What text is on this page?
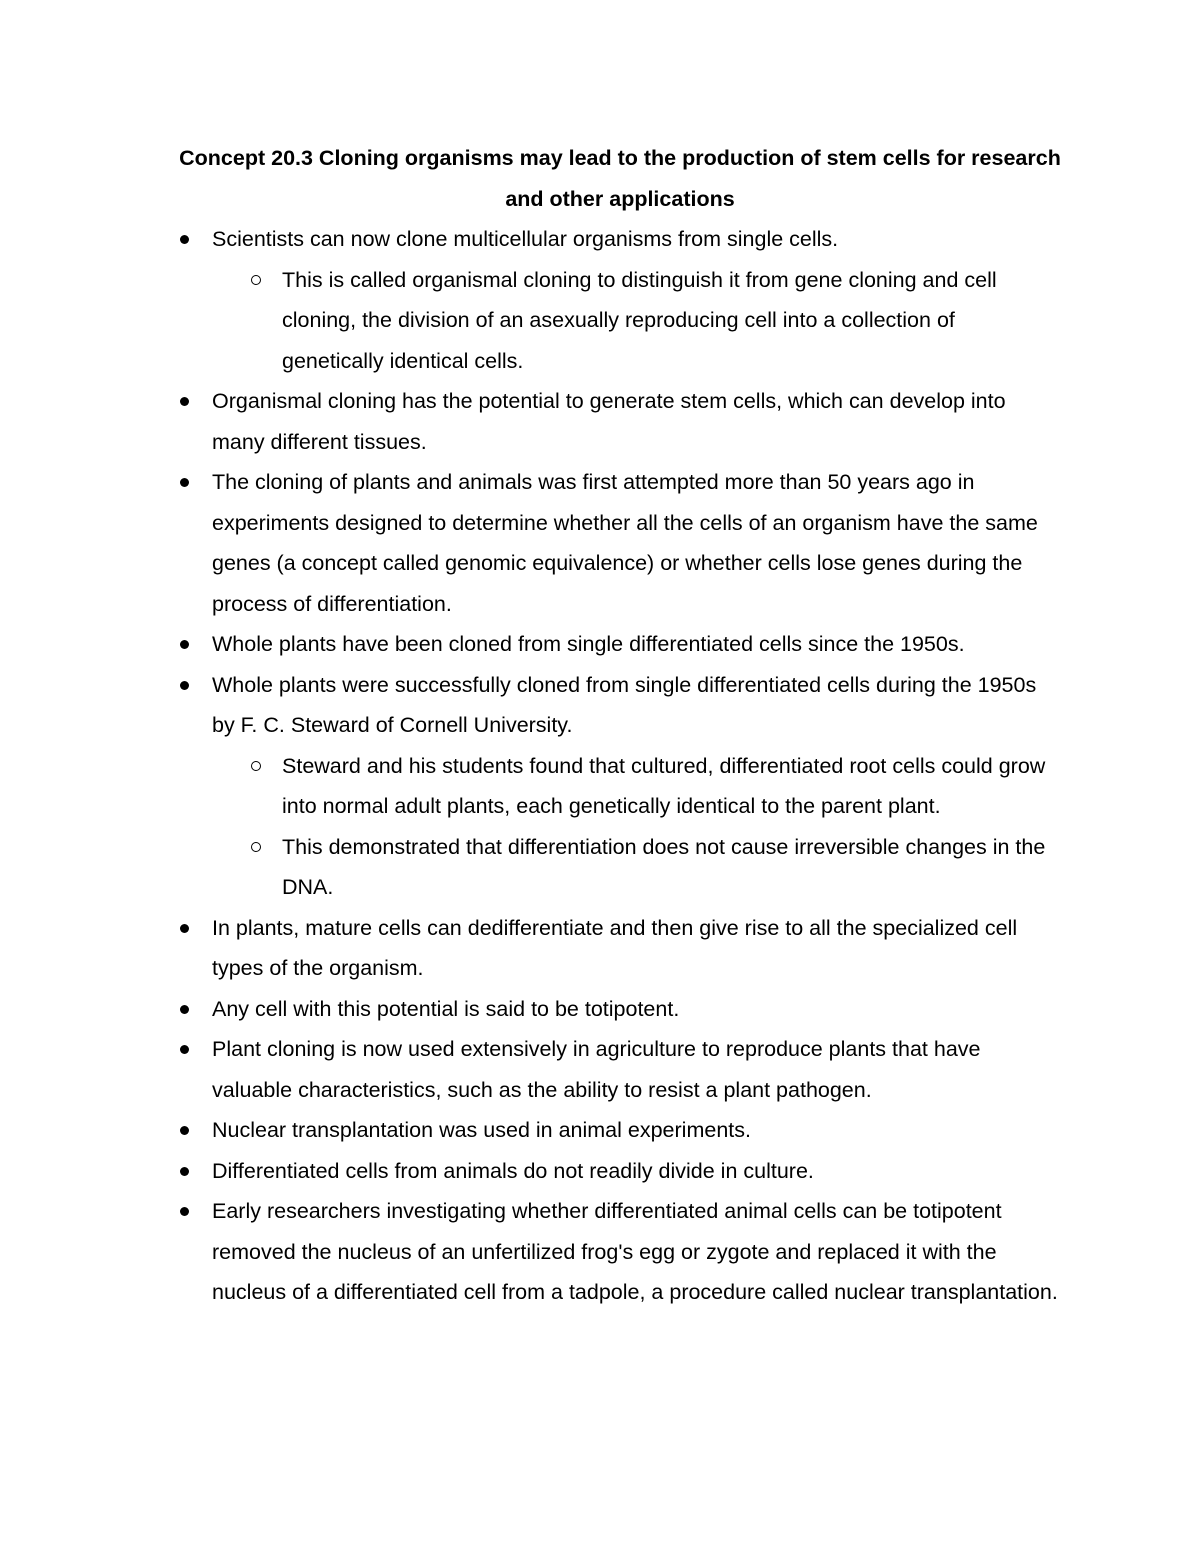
Concept 20.3 Cloning organisms may lead to the production of stem cells for research and other applications
Scientists can now clone multicellular organisms from single cells.
This is called organismal cloning to distinguish it from gene cloning and cell cloning, the division of an asexually reproducing cell into a collection of genetically identical cells.
Organismal cloning has the potential to generate stem cells, which can develop into many different tissues.
The cloning of plants and animals was first attempted more than 50 years ago in experiments designed to determine whether all the cells of an organism have the same genes (a concept called genomic equivalence) or whether cells lose genes during the process of differentiation.
Whole plants have been cloned from single differentiated cells since the 1950s.
Whole plants were successfully cloned from single differentiated cells during the 1950s by F. C. Steward of Cornell University.
Steward and his students found that cultured, differentiated root cells could grow into normal adult plants, each genetically identical to the parent plant.
This demonstrated that differentiation does not cause irreversible changes in the DNA.
In plants, mature cells can dedifferentiate and then give rise to all the specialized cell types of the organism.
Any cell with this potential is said to be totipotent.
Plant cloning is now used extensively in agriculture to reproduce plants that have valuable characteristics, such as the ability to resist a plant pathogen.
Nuclear transplantation was used in animal experiments.
Differentiated cells from animals do not readily divide in culture.
Early researchers investigating whether differentiated animal cells can be totipotent removed the nucleus of an unfertilized frog's egg or zygote and replaced it with the nucleus of a differentiated cell from a tadpole, a procedure called nuclear transplantation.
